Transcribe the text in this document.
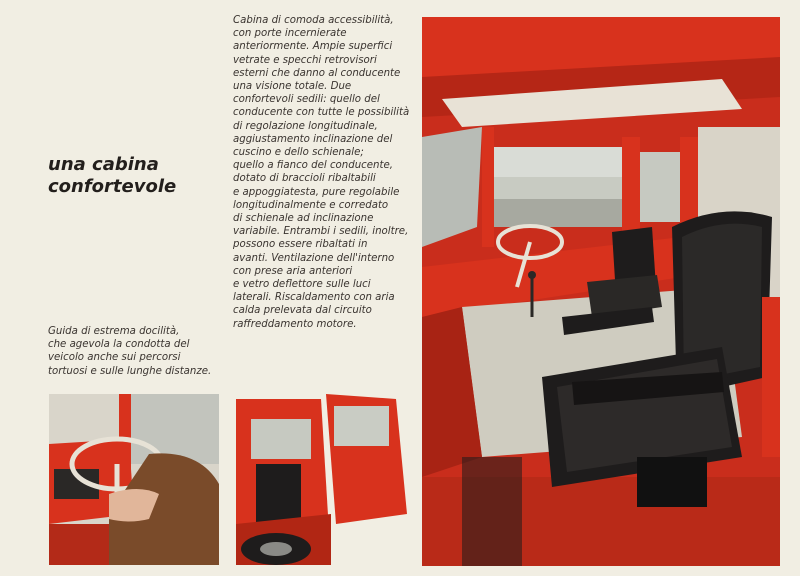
una cabina
confortevole

Cabina di comoda accessibilità,
con porte incernierate
anteriormente. Ampie superfici
vetrate e specchi retrovisori
esterni che danno al conducente
una visione totale. Due
confortevoli sedili: quello del
conducente con tutte le possibilità
di regolazione longitudinale,
aggiustamento inclinazione del
cuscino e dello schienale;
quello a fianco del conducente,
dotato di braccioli ribaltabili
e appoggiatesta, pure regolabile
longitudinalmente e corredato
di schienale ad inclinazione
variabile. Entrambi i sedili, inoltre,
possono essere ribaltati in
avanti. Ventilazione dell'interno
con prese aria anteriori
e vetro deflettore sulle luci
laterali. Riscaldamento con aria
calda prelevata dal circuito
raffreddamento motore.

Guida di estrema docilità,
che agevola la condotta del
veicolo anche sui percorsi
tortuosi e sulle lunghe distanze.
